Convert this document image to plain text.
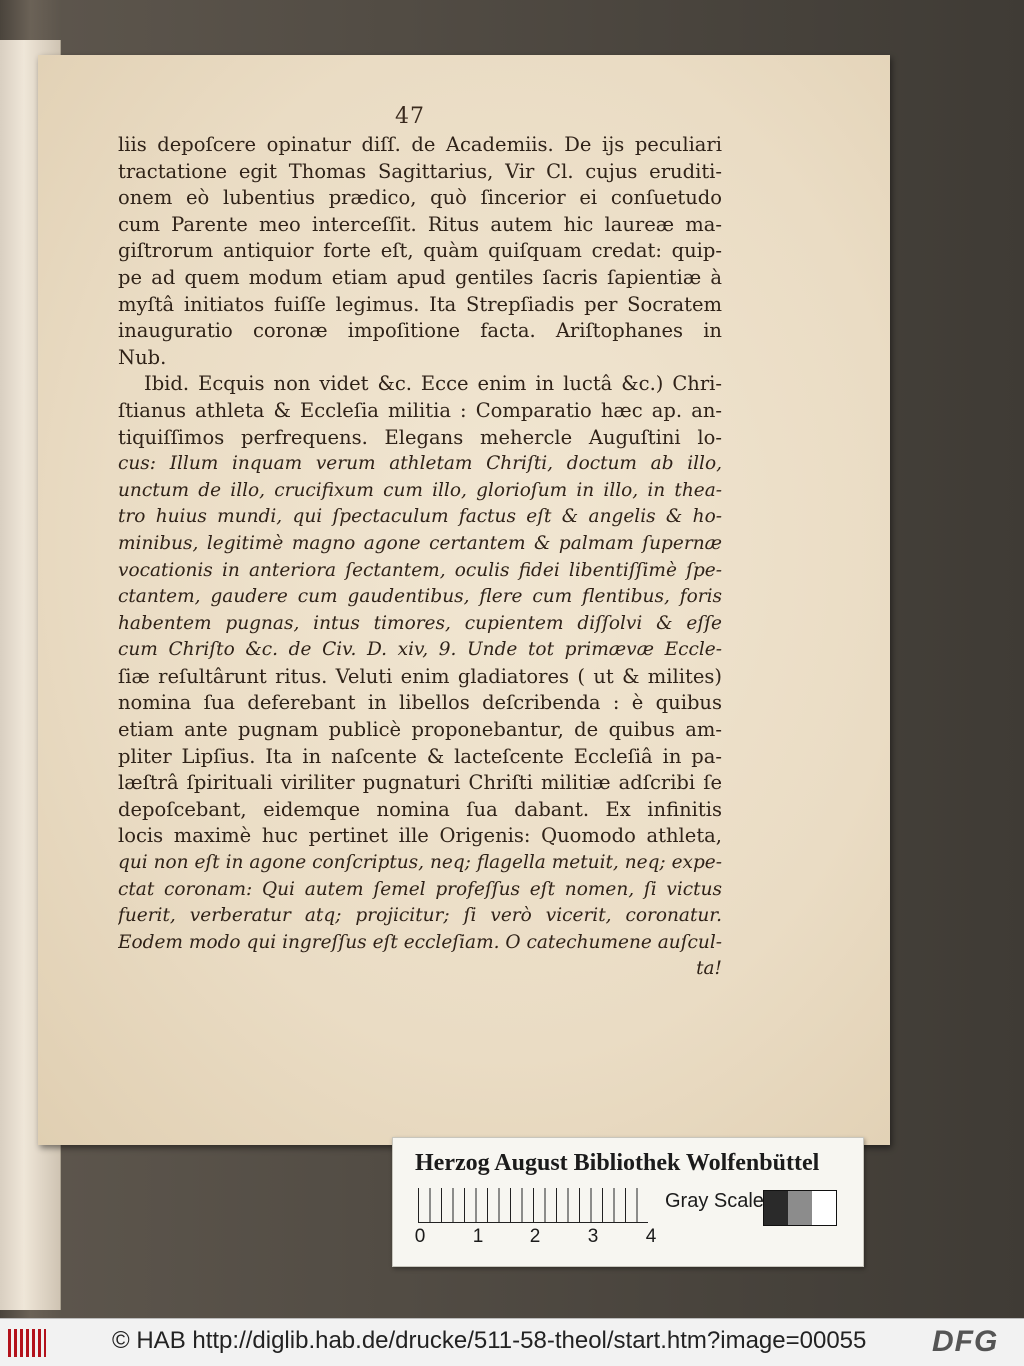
47
liis depoſcere opinatur diſſ. de Academiis. De ijs peculiari
tractatione egit Thomas Sagittarius, Vir Cl. cujus eruditi-
onem eò lubentius prædico, quò ſincerior ei conſuetudo
cum Parente meo interceſſit. Ritus autem hic laureæ ma-
giſtrorum antiquior forte eſt, quàm quiſquam credat: quip-
pe ad quem modum etiam apud gentiles ſacris ſapientiæ à
myſtâ initiatos fuiſſe legimus. Ita Strepſiadis per Socratem
inauguratio coronæ impoſitione facta. Ariſtophanes in
Nub.
Ibid. Ecquis non videt &c. Ecce enim in luctâ &c.) Chri-
ſtianus athleta & Eccleſia militia : Comparatio hæc ap. an-
tiquiſſimos perfrequens. Elegans mehercle Auguſtini lo-
cus: Illum inquam verum athletam Chriſti, doctum ab illo,
unctum de illo, crucifixum cum illo, glorioſum in illo, in thea-
tro huius mundi, qui ſpectaculum factus eſt & angelis & ho-
minibus, legitimè magno agone certantem & palmam ſupernæ
vocationis in anteriora ſectantem, oculis fidei libentiſſimè ſpe-
ctantem, gaudere cum gaudentibus, flere cum flentibus, foris
habentem pugnas, intus timores, cupientem diſſolvi & eſſe
cum Chriſto &c. de Civ. D. xiv, 9. Unde tot primævæ Eccle-
ſiæ reſultârunt ritus. Veluti enim gladiatores ( ut & milites)
nomina ſua deferebant in libellos deſcribenda : è quibus
etiam ante pugnam publicè proponebantur, de quibus am-
pliter Lipſius. Ita in naſcente & lacteſcente Eccleſiâ in pa-
læſtrâ ſpirituali viriliter pugnaturi Chriſti militiæ adſcribi ſe
depoſcebant, eidemque nomina ſua dabant. Ex infinitis
locis maximè huc pertinet ille Origenis: Quomodo athleta,
qui non eſt in agone conſcriptus, neq; flagella metuit, neq; expe-
ctat coronam: Qui autem ſemel profeſſus eſt nomen, ſi victus
fuerit, verberatur atq; projicitur; ſi verò vicerit, coronatur.
Eodem modo qui ingreſſus eſt eccleſiam. O catechumene auſcul-
ta!
Herzog August Bibliothek Wolfenbüttel
0 1 2 3 4
Gray Scale
© HAB http://diglib.hab.de/drucke/511-58-theol/start.htm?image=00055 DFG
